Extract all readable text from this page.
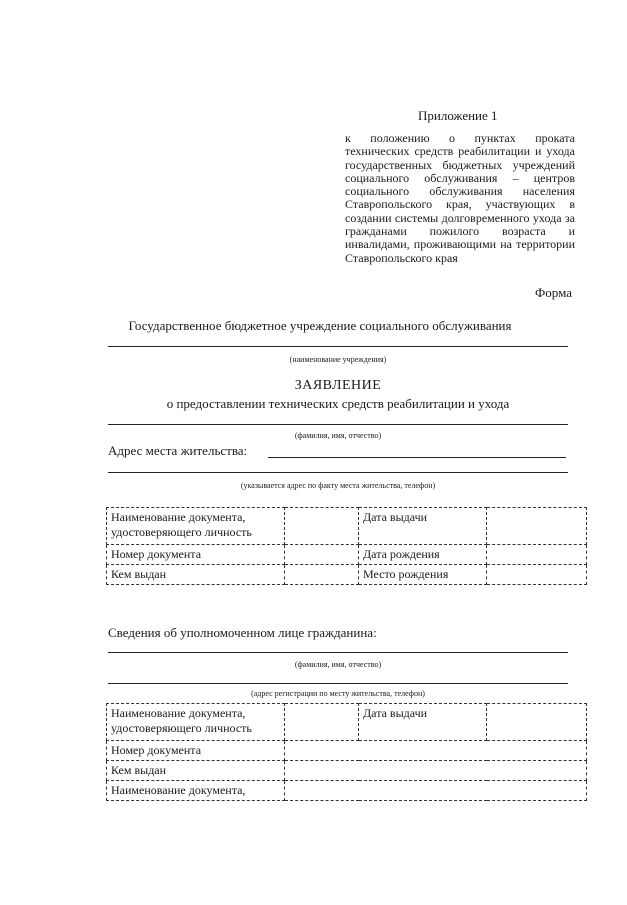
Приложение 1
к положению о пунктах проката технических средств реабилитации и ухода государственных бюджетных учреждений социального обслуживания – центров социального обслуживания населения Ставропольского края, участвующих в создании системы долговременного ухода за гражданами пожилого возраста и инвалидами, проживающими на территории Ставропольского края
Форма
Государственное бюджетное учреждение социального обслуживания
(наименование учреждения)
ЗАЯВЛЕНИЕ
о предоставлении технических средств реабилитации и ухода
(фамилия, имя, отчество)
Адрес места жительства:
(указывается адрес по факту места жительства, телефон)
Наименование документа, удостоверяющего личность		Дата выдачи	
Номер документа		Дата рождения	
Кем выдан		Место рождения	
Сведения об уполномоченном лице гражданина:
(фамилия, имя, отчество)
(адрес регистрации по месту жительства, телефон)
Наименование документа, удостоверяющего личность		Дата выдачи	
Номер документа			
Кем выдан			
Наименование документа,			
